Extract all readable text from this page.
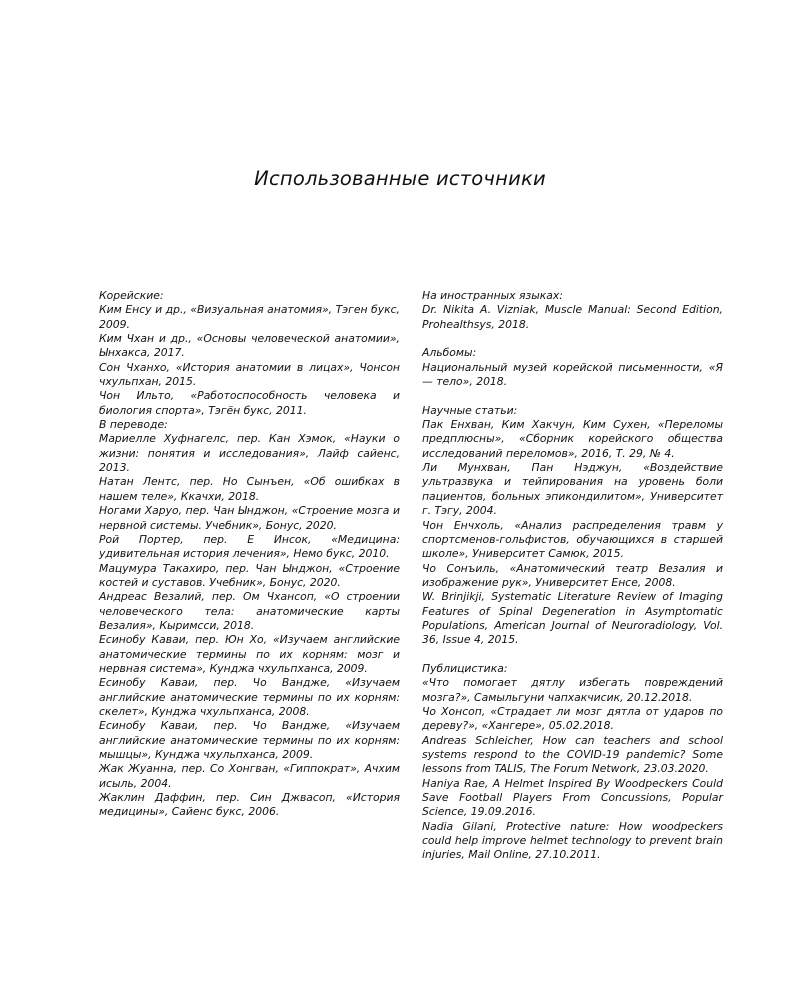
Использованные источники

Корейские:

Ким Енсу и др., «Визуальная анатомия», Тэген букс, 2009.

Ким Чхан и др., «Основы человеческой анатомии», Ынхакса, 2017.

Сон Чханхо, «История анатомии в лицах», Чонсон чхульпхан, 2015.

Чон Ильто, «Работоспособность человека и биология спорта», Тэгён букс, 2011.

В переводе:

Мариелле Хуфнагелс, пер. Кан Хэмок, «Науки о жизни: понятия и исследования», Лайф сайенс, 2013.

Натан Лентс, пер. Но Сынъен, «Об ошибках в нашем теле», Ккачхи, 2018.

Ногами Харуо, пер. Чан Ынджон, «Строение мозга и нервной системы. Учебник», Бонус, 2020.

Рой Портер, пер. Е Инсок, «Медицина: удивительная история лечения», Немо букс, 2010.

Мацумура Такахиро, пер. Чан Ынджон, «Строение костей и суставов. Учебник», Бонус, 2020.

Андреас Везалий, пер. Ом Чхансоп, «О строении человеческого тела: анатомические карты Везалия», Кыримсси, 2018.

Есинобу Каваи, пер. Юн Хо, «Изучаем английские анатомические термины по их корням: мозг и нервная система», Кунджа чхульпханса, 2009.

Есинобу Каваи, пер. Чо Ванджe, «Изучаем английские анатомические термины по их корням: скелет», Кунджа чхульпханса, 2008.

Есинобу Каваи, пер. Чо Ванджe, «Изучаем английские анатомические термины по их корням: мышцы», Кунджа чхульпханса, 2009.

Жак Жуанна, пер. Со Хонгван, «Гиппократ», Ачхим исыль, 2004.

Жаклин Даффин, пер. Син Джвасоп, «История медицины», Сайенс букс, 2006.

На иностранных языках:

Dr. Nikita A. Vizniak, Muscle Manual: Second Edition, Prohealthsys, 2018.

Альбомы:

Национальный музей корейской письменности, «Я — тело», 2018.

Научные статьи:

Пак Енхван, Ким Хакчун, Ким Сухен, «Переломы предплюсны», «Сборник корейского общества исследований переломов», 2016, Т. 29, № 4.

Ли Мунхван, Пан Нэджун, «Воздействие ультразвука и тейпирования на уровень боли пациентов, больных эпикондилитом», Университет г. Тэгу, 2004.

Чон Енчхоль, «Анализ распределения травм у спортсменов-гольфистов, обучающихся в старшей школе», Университет Самюк, 2015.

Чо Сонъиль, «Анатомический театр Везалия и изображение рук», Университет Енсе, 2008.

W. Brinjikji, Systematic Literature Review of Imaging Features of Spinal Degeneration in Asymptomatic Populations, American Journal of Neuroradiology, Vol. 36, Issue 4, 2015.

Публицистика:

«Что помогает дятлу избегать повреждений мозга?», Самыльгуни чапхакчисик, 20.12.2018.

Чо Хонсоп, «Страдает ли мозг дятла от ударов по дереву?», «Хангере», 05.02.2018.

Andreas Schleicher, How can teachers and school systems respond to the COVID-19 pandemic? Some lessons from TALIS, The Forum Network, 23.03.2020.

Haniya Rae, A Helmet Inspired By Woodpeckers Could Save Football Players From Concussions, Popular Science, 19.09.2016.

Nadia Gilani, Protective nature: How woodpeckers could help improve helmet technology to prevent brain injuries, Mail Online, 27.10.2011.
